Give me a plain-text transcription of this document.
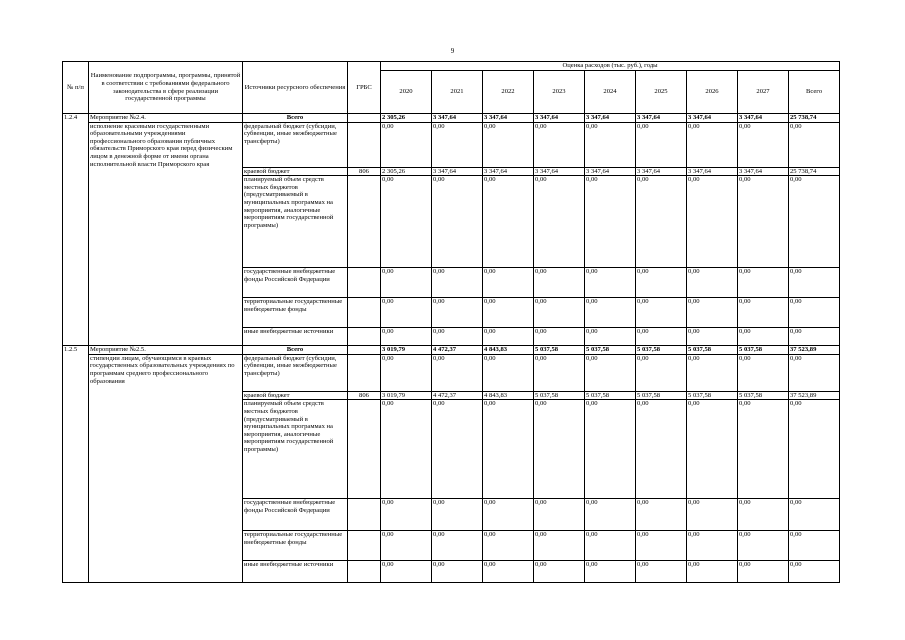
9
№ п/п	Наименование подпрограммы, программы, принятой в соответствии с требованиями федерального законодательства в сфере реализации государственной программы	Источники ресурсного обеспечения	ГРБС	Оценка расходов (тыс. руб.), годы								
				2020	2021	2022	2023	2024	2025	2026	2027	Всего
1.2.4	Мероприятие №2.4.	Всего		2 305,26	3 347,64	3 347,64	3 347,64	3 347,64	3 347,64	3 347,64	3 347,64	25 738,74
	исполнение красевыми государственными образовательными учреждениями профессионального образования публичных обязательств Приморского края перед физическим лицом в денежной форме от имени органа исполнительной власти Приморского края	федеральный бюджет (субсидии, субвенции, иные межбюджетные трансферты)		0,00	0,00	0,00	0,00	0,00	0,00	0,00	0,00	0,00
		краевой бюджет	806	2 305,26	3 347,64	3 347,64	3 347,64	3 347,64	3 347,64	3 347,64	3 347,64	25 738,74
		планируемый объем средств местных бюджетов (предусматриваемый в муниципальных программах на мероприятия, аналогичные мероприятиям государственной программы)		0,00	0,00	0,00	0,00	0,00	0,00	0,00	0,00	0,00
		государственные внебюджетные фонды Российской Федерации		0,00	0,00	0,00	0,00	0,00	0,00	0,00	0,00	0,00
		территориальные государственные внебюджетные фонды		0,00	0,00	0,00	0,00	0,00	0,00	0,00	0,00	0,00
		иные внебюджетные источники		0,00	0,00	0,00	0,00	0,00	0,00	0,00	0,00	0,00
1.2.5	Мероприятие №2.5.	Всего		3 019,79	4 472,37	4 843,83	5 037,58	5 037,58	5 037,58	5 037,58	5 037,58	37 523,89
	стипендии лицам, обучающимся в краевых государственных образовательных учреждениях по программам среднего профессионального образования	федеральный бюджет (субсидии, субвенции, иные межбюджетные трансферты)		0,00	0,00	0,00	0,00	0,00	0,00	0,00	0,00	0,00
		краевой бюджет	806	3 019,79	4 472,37	4 843,83	5 037,58	5 037,58	5 037,58	5 037,58	5 037,58	37 523,89
		планируемый объем средств местных бюджетов (предусматриваемый в муниципальных программах на мероприятия, аналогичные мероприятиям государственной программы)		0,00	0,00	0,00	0,00	0,00	0,00	0,00	0,00	0,00
		государственные внебюджетные фонды Российской Федерации		0,00	0,00	0,00	0,00	0,00	0,00	0,00	0,00	0,00
		территориальные государственные внебюджетные фонды		0,00	0,00	0,00	0,00	0,00	0,00	0,00	0,00	0,00
		иные внебюджетные источники		0,00	0,00	0,00	0,00	0,00	0,00	0,00	0,00	0,00
